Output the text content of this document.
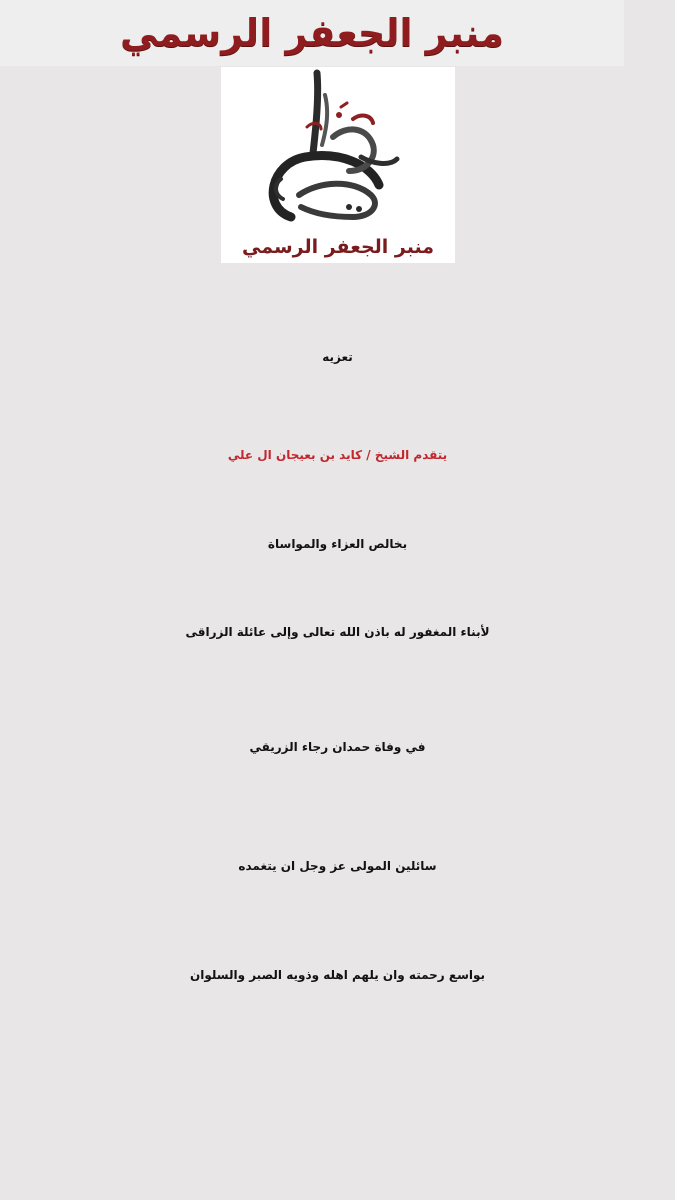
منبر الجعفر الرسمي
منبر الجعفر الرسمي
تعزيه
يتقدم الشيخ / كايد بن بعيجان ال علي
بخالص العزاء والمواساة
لأبناء المغفور له باذن الله تعالى وإلى عائلة الزراقى
في وفاة حمدان رجاء الزريقي
سائلين المولى عز وجل ان يتغمده
بواسع رحمته وان يلهم اهله وذويه الصبر والسلوان
